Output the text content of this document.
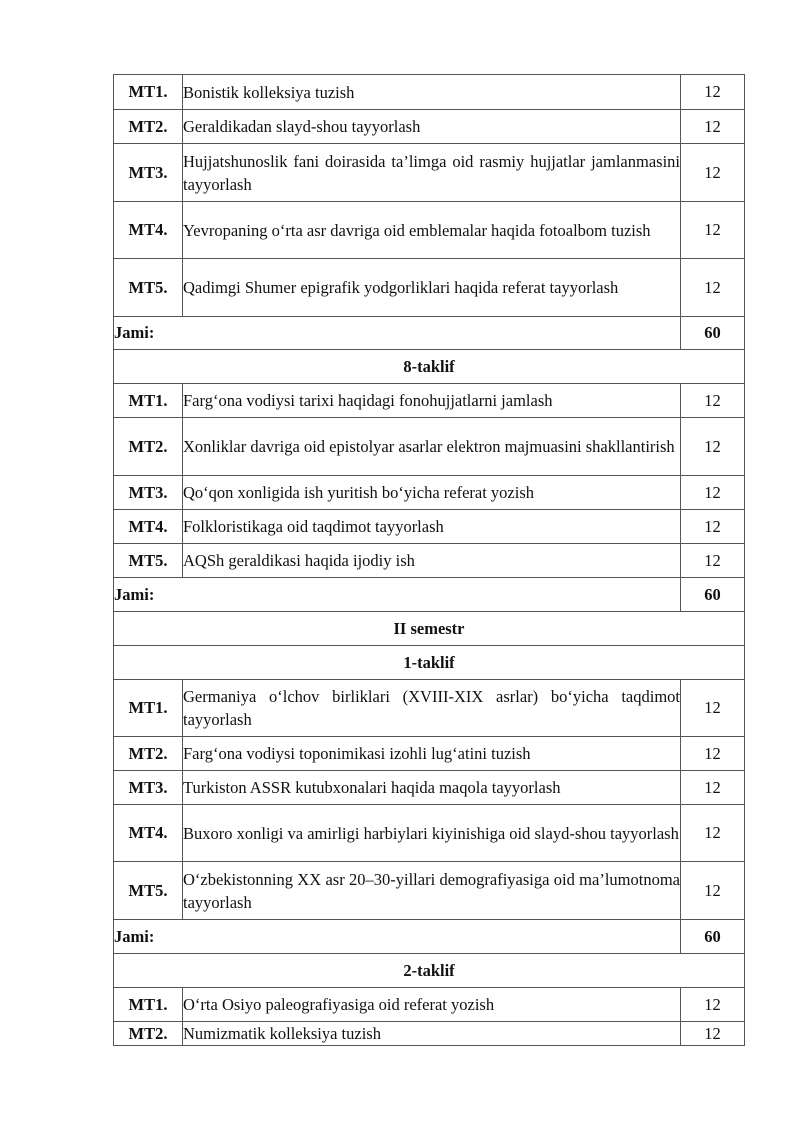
MT1.	Bonistik kolleksiya tuzish	12
MT2.	Geraldikadan slayd-shou tayyorlash	12
MT3.	Hujjatshunoslik fani doirasida ta’limga oid rasmiy hujjatlar jamlanmasini tayyorlash	12
MT4.	Yevropaning o‘rta asr davriga oid emblemalar haqida fotoalbom tuzish	12
MT5.	Qadimgi Shumer epigrafik yodgorliklari haqida referat tayyorlash	12
Jami:		60
8-taklif		
MT1.	Farg‘ona vodiysi tarixi haqidagi fonohujjatlarni jamlash	12
MT2.	Xonliklar davriga oid epistolyar asarlar elektron majmuasini shakllantirish	12
MT3.	Qo‘qon xonligida ish yuritish bo‘yicha referat yozish	12
MT4.	Folkloristikaga oid taqdimot tayyorlash	12
MT5.	AQSh geraldikasi haqida ijodiy ish	12
Jami:		60
II semestr		
1-taklif		
MT1.	Germaniya o‘lchov birliklari (XVIII-XIX asrlar) bo‘yicha taqdimot tayyorlash	12
MT2.	Farg‘ona vodiysi toponimikasi izohli lug‘atini tuzish	12
MT3.	Turkiston ASSR kutubxonalari haqida maqola tayyorlash	12
MT4.	Buxoro xonligi va amirligi harbiylari kiyinishiga oid slayd-shou tayyorlash	12
MT5.	O‘zbekistonning XX asr 20–30-yillari demografiyasiga oid ma’lumotnoma tayyorlash	12
Jami:		60
2-taklif		
MT1.	O‘rta Osiyo paleografiyasiga oid referat yozish	12
MT2.	Numizmatik kolleksiya tuzish	12
